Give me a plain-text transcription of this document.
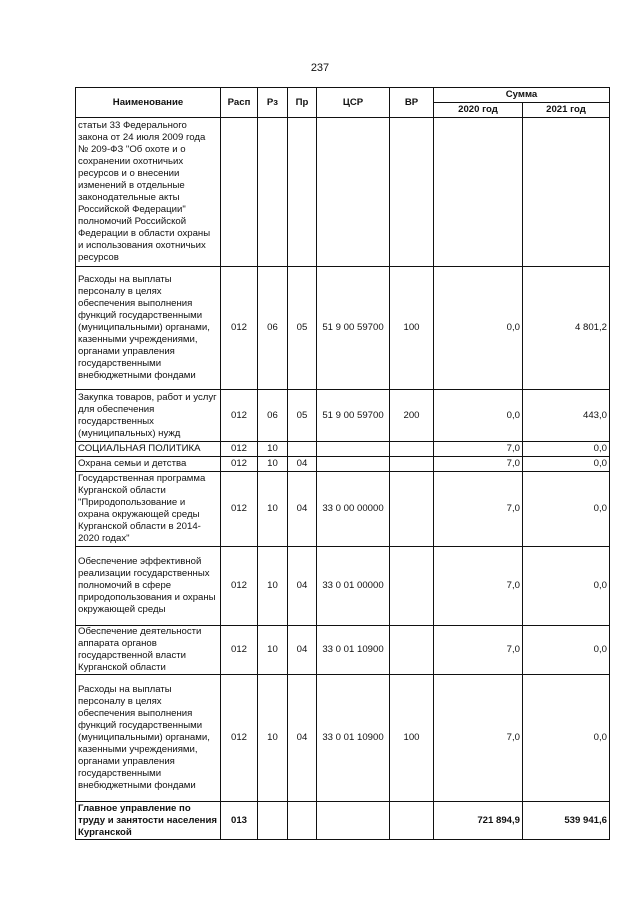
237
Наименование	Расп	Рз	Пр	ЦСР	ВР	Сумма	
						2020 год	2021 год
статьи 33 Федерального закона от 24 июля 2009 года № 209-ФЗ "Об охоте и о сохранении охотничьих ресурсов и о внесении изменений в отдельные законодательные акты Российской Федерации" полномочий Российской Федерации в области охраны и использования охотничьих ресурсов							
Расходы на выплаты персоналу в целях обеспечения выполнения функций государственными (муниципальными) органами, казенными учреждениями, органами управления государственными внебюджетными фондами	012	06	05	51 9 00 59700	100	0,0	4 801,2
Закупка товаров, работ и услуг для обеспечения государственных (муниципальных) нужд	012	06	05	51 9 00 59700	200	0,0	443,0
СОЦИАЛЬНАЯ ПОЛИТИКА	012	10				7,0	0,0
Охрана семьи и детства	012	10	04			7,0	0,0
Государственная программа Курганской области "Природопользование и охрана окружающей среды Курганской области в 2014-2020 годах"	012	10	04	33 0 00 00000		7,0	0,0
Обеспечение эффективной реализации государственных полномочий в сфере природопользования и охраны окружающей среды	012	10	04	33 0 01 00000		7,0	0,0
Обеспечение деятельности аппарата органов государственной власти Курганской области	012	10	04	33 0 01 10900		7,0	0,0
Расходы на выплаты персоналу в целях обеспечения выполнения функций государственными (муниципальными) органами, казенными учреждениями, органами управления государственными внебюджетными фондами	012	10	04	33 0 01 10900	100	7,0	0,0
Главное управление по труду и занятости населения Курганской	013					721 894,9	539 941,6
